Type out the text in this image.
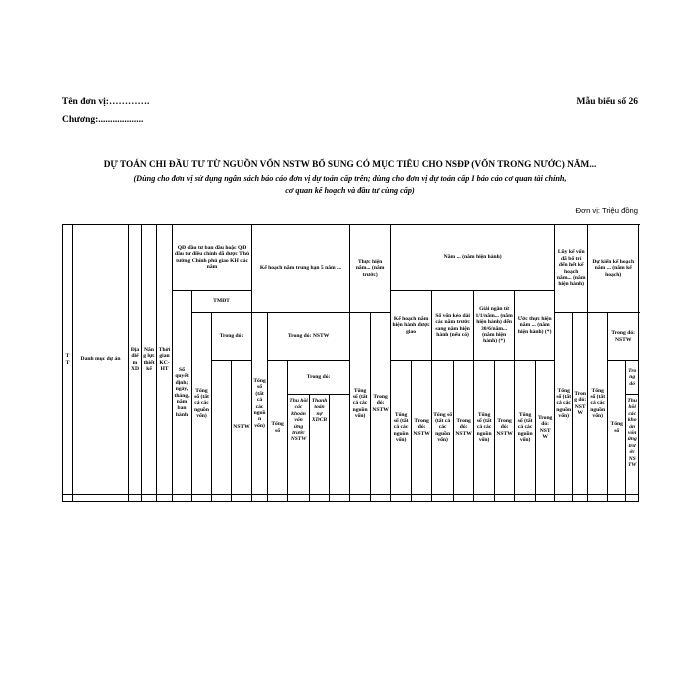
Tên đơn vị:………….
Chương:...................
Mẫu biểu số 26
DỰ TOÁN CHI ĐẦU TƯ TỪ NGUỒN VỐN NSTW BỔ SUNG CÓ MỤC TIÊU CHO NSĐP (VỐN TRONG NƯỚC) NĂM...
(Dùng cho đơn vị sử dụng ngân sách báo cáo đơn vị dự toán cấp trên; dùng cho đơn vị dự toán cấp I báo cáo cơ quan tài chính,
cơ quan kế hoạch và đầu tư cùng cấp)
Đơn vị: Triệu đồng
TT	Danh mục dự án	Địa điểm XD	Năng lực thiết kế	Thời gian KC-HT	QĐ đầu tư ban đầu hoặc QĐ đầu tư điều chỉnh đã được Thủ tướng Chính phủ giao KH các năm				Kế hoạch năm trung hạn 5 năm ...					Thực hiện năm... (năm trước)		Năm ... (năm hiện hành)								Lũy kế vốn đã bố trí đến hết kế hoạch năm... (năm hiện hành)		Dự kiến kế hoạch năm ... (năm kế hoạch)	
					Số quyết định; ngày, tháng, năm ban hành	TMĐT										Kế hoạch năm hiện hành được giao		Số vốn kéo dài các năm trước sang năm hiện hành (nếu có)		Giải ngân từ 1/1/năm... (năm hiện hành) đến 30/6/năm... (năm hiện hành) (*)		Ước thực hiện năm ... (năm hiện hành) (*)							
						Tổng số (tất cả các nguồn vốn)	Trong đó:		Tổng số (tất cả các nguồn vốn)	Trong đó: NSTW				Tổng số (tất cả các nguồn vốn)	Trong đó: NSTW									Tổng số (tất cả các nguồn vốn)	Trong đó: NSTW	Tổng số (tất cả các nguồn vốn)	Trong đó: NSTW		
								NSTW		Tổng số	Trong đó:					Tổng số (tất cả các nguồn vốn)	Trong đó: NSTW	Tổng số (tất cả các nguồn vốn)	Trong đó: NSTW	Tổng số (tất cả các nguồn vốn)	Trong đó: NSTW	Tổng số (tất cả các nguồn vốn)	Trong đó: NSTW				Tổng số	Trong đó	
											Thu hồi các khoản vốn ứng trước NSTW	Thanh toán nợ XDCB																Thu hồi các khoản vốn ứng trước NSTW	
